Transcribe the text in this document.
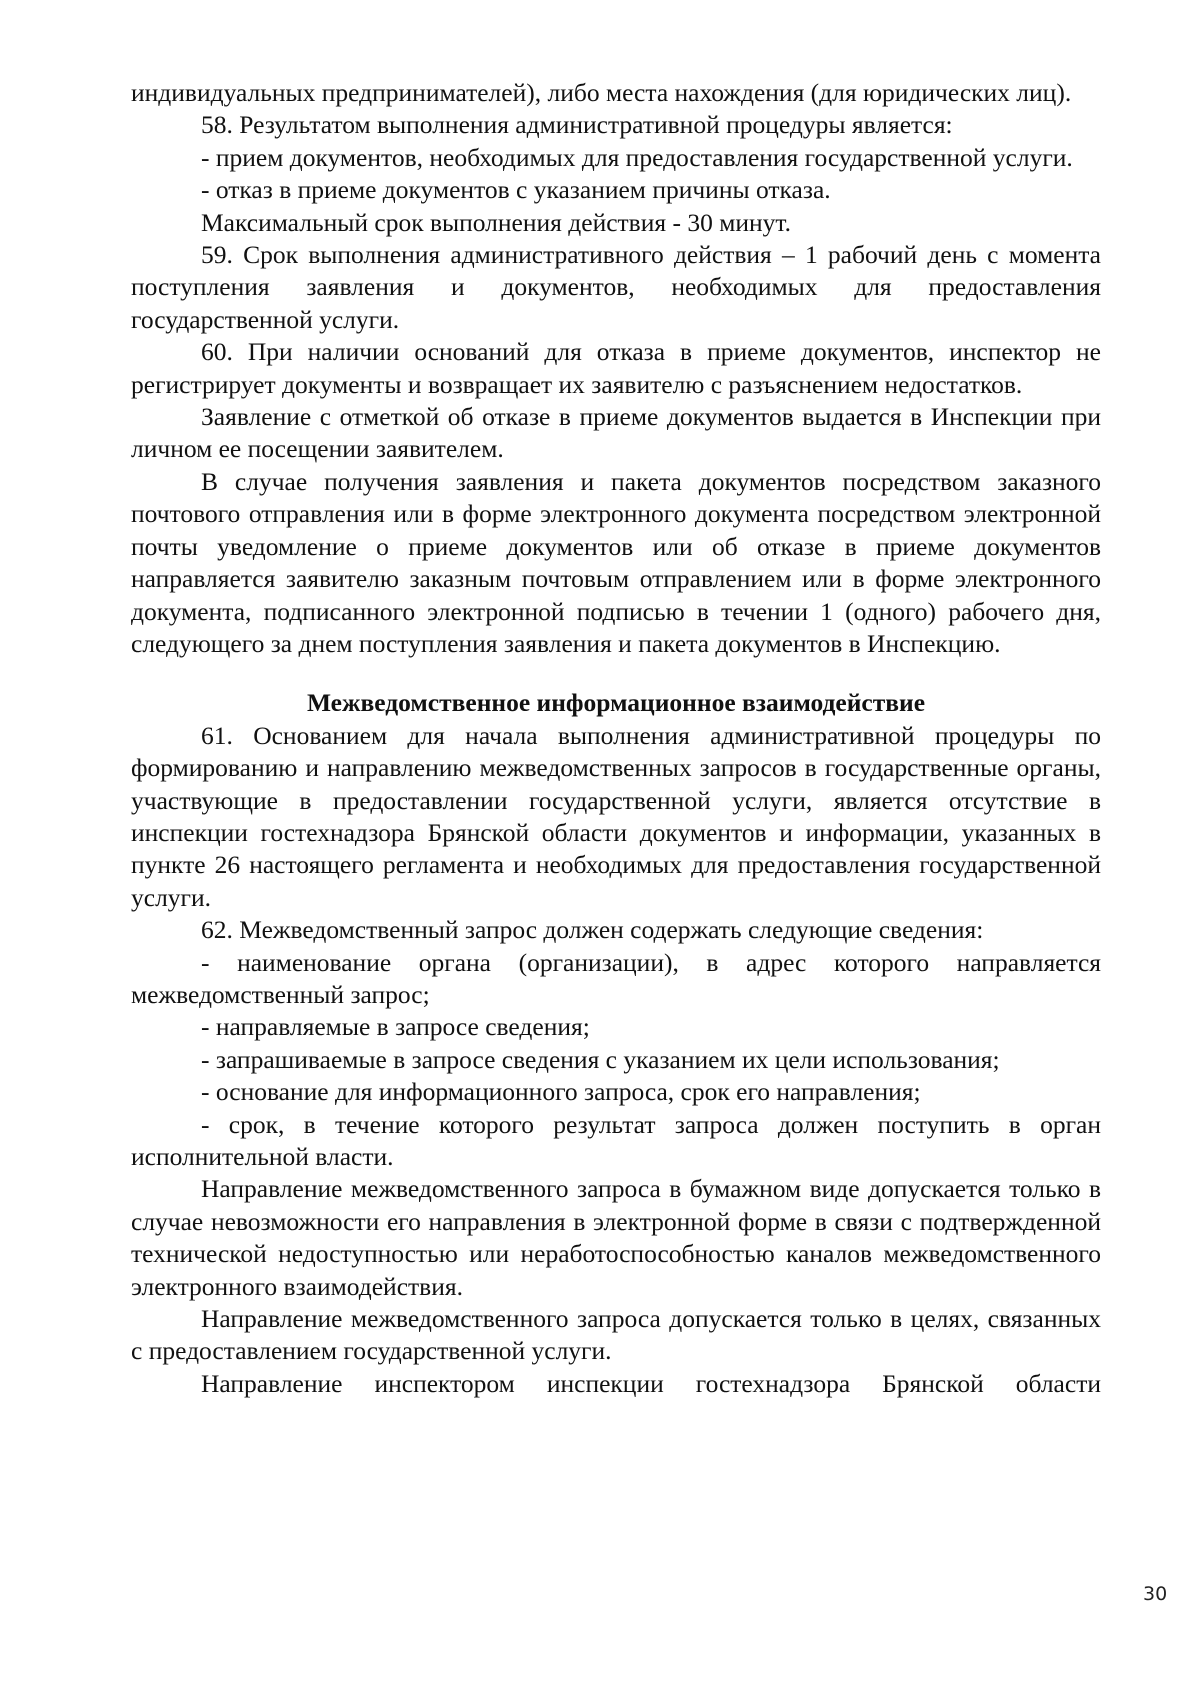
индивидуальных предпринимателей), либо места нахождения (для юридических лиц).

58. Результатом выполнения административной процедуры является:

- прием документов, необходимых для предоставления государственной услуги.

- отказ в приеме документов с указанием причины отказа.

Максимальный срок выполнения действия - 30 минут.

59. Срок выполнения административного действия – 1 рабочий день с момента поступления заявления и документов, необходимых для предоставления государственной услуги.

60. При наличии оснований для отказа в приеме документов, инспектор не регистрирует документы и возвращает их заявителю с разъяснением недостатков.

Заявление с отметкой об отказе в приеме документов выдается в Инспекции при личном ее посещении заявителем.

В случае получения заявления и пакета документов посредством заказного почтового отправления или в форме электронного документа посредством электронной почты уведомление о приеме документов или об отказе в приеме документов направляется заявителю заказным почтовым отправлением или в форме электронного документа, подписанного электронной подписью в течении 1 (одного) рабочего дня, следующего за днем поступления заявления и пакета документов в Инспекцию.

Межведомственное информационное взаимодействие

61. Основанием для начала выполнения административной процедуры по формированию и направлению межведомственных запросов в государственные органы, участвующие в предоставлении государственной услуги, является отсутствие в инспекции гостехнадзора Брянской области документов и информации, указанных в пункте 26 настоящего регламента и необходимых для предоставления государственной услуги.

62. Межведомственный запрос должен содержать следующие сведения:

- наименование органа (организации), в адрес которого направляется межведомственный запрос;

- направляемые в запросе сведения;

- запрашиваемые в запросе сведения с указанием их цели использования;

- основание для информационного запроса, срок его направления;

- срок, в течение которого результат запроса должен поступить в орган исполнительной власти.

Направление межведомственного запроса в бумажном виде допускается только в случае невозможности его направления в электронной форме в связи с подтвержденной технической недоступностью или неработоспособностью каналов межведомственного электронного взаимодействия.

Направление межведомственного запроса допускается только в целях, связанных с предоставлением государственной услуги.

Направление инспектором инспекции гостехнадзора Брянской области

30
